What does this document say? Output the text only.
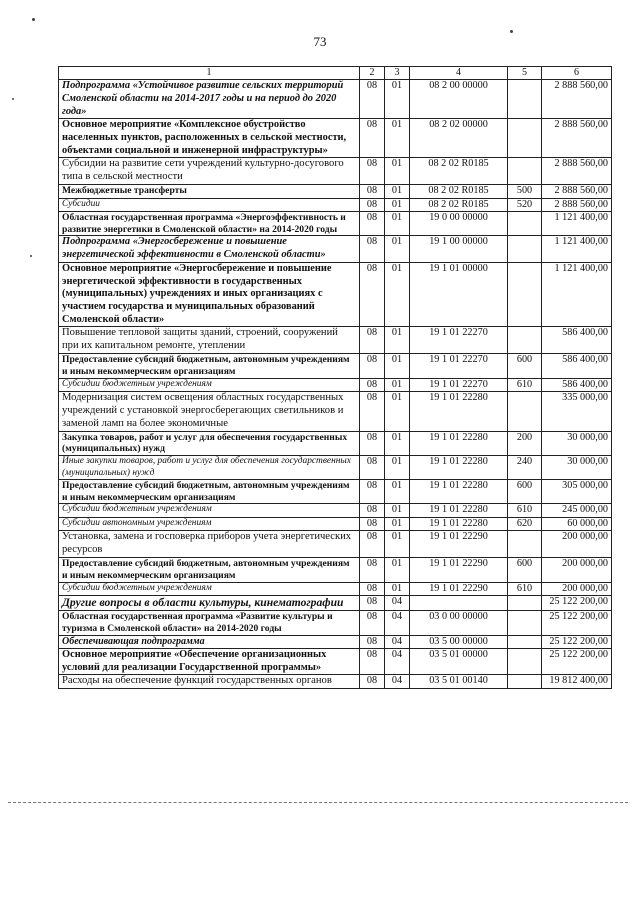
73
1	2	3	4	5	6
Подпрограмма «Устойчивое развитие сельских территорий Смоленской области на 2014-2017 годы и на период до 2020 года»	08	01	08 2 00 00000		2 888 560,00
Основное мероприятие «Комплексное обустройство населенных пунктов, расположенных в сельской местности, объектами социальной и инженерной инфраструктуры»	08	01	08 2 02 00000		2 888 560,00
Субсидии на развитие сети учреждений культурно-досугового типа в сельской местности	08	01	08 2 02 R0185		2 888 560,00
Межбюджетные трансферты	08	01	08 2 02 R0185	500	2 888 560,00
Субсидии	08	01	08 2 02 R0185	520	2 888 560,00
Областная государственная программа «Энергоэффективность и развитие энергетики в Смоленской области» на 2014-2020 годы	08	01	19 0 00 00000		1 121 400,00
Подпрограмма «Энергосбережение и повышение энергетической эффективности в Смоленской области»	08	01	19 1 00 00000		1 121 400,00
Основное мероприятие «Энергосбережение и повышение энергетической эффективности в государственных (муниципальных) учреждениях и иных организациях с участием государства и муниципальных образований Смоленской области»	08	01	19 1 01 00000		1 121 400,00
Повышение тепловой защиты зданий, строений, сооружений при их капитальном ремонте, утеплении	08	01	19 1 01 22270		586 400,00
Предоставление субсидий бюджетным, автономным учреждениям и иным некоммерческим организациям	08	01	19 1 01 22270	600	586 400,00
Субсидии бюджетным учреждениям	08	01	19 1 01 22270	610	586 400,00
Модернизация систем освещения областных государственных учреждений с установкой энергосберегающих светильников и заменой ламп на более экономичные	08	01	19 1 01 22280		335 000,00
Закупка товаров, работ и услуг для обеспечения государственных (муниципальных) нужд	08	01	19 1 01 22280	200	30 000,00
Иные закупки товаров, работ и услуг для обеспечения государственных (муниципальных) нужд	08	01	19 1 01 22280	240	30 000,00
Предоставление субсидий бюджетным, автономным учреждениям и иным некоммерческим организациям	08	01	19 1 01 22280	600	305 000,00
Субсидии бюджетным учреждениям	08	01	19 1 01 22280	610	245 000,00
Субсидии автономным учреждениям	08	01	19 1 01 22280	620	60 000,00
Установка, замена и госповерка приборов учета энергетических ресурсов	08	01	19 1 01 22290		200 000,00
Предоставление субсидий бюджетным, автономным учреждениям и иным некоммерческим организациям	08	01	19 1 01 22290	600	200 000,00
Субсидии бюджетным учреждениям	08	01	19 1 01 22290	610	200 000,00
Другие вопросы в области культуры, кинематографии	08	04			25 122 200,00
Областная государственная программа «Развитие культуры и туризма в Смоленской области» на 2014-2020 годы	08	04	03 0 00 00000		25 122 200,00
Обеспечивающая подпрограмма	08	04	03 5 00 00000		25 122 200,00
Основное мероприятие «Обеспечение организационных условий для реализации Государственной программы»	08	04	03 5 01 00000		25 122 200,00
Расходы на обеспечение функций государственных органов	08	04	03 5 01 00140		19 812 400,00
